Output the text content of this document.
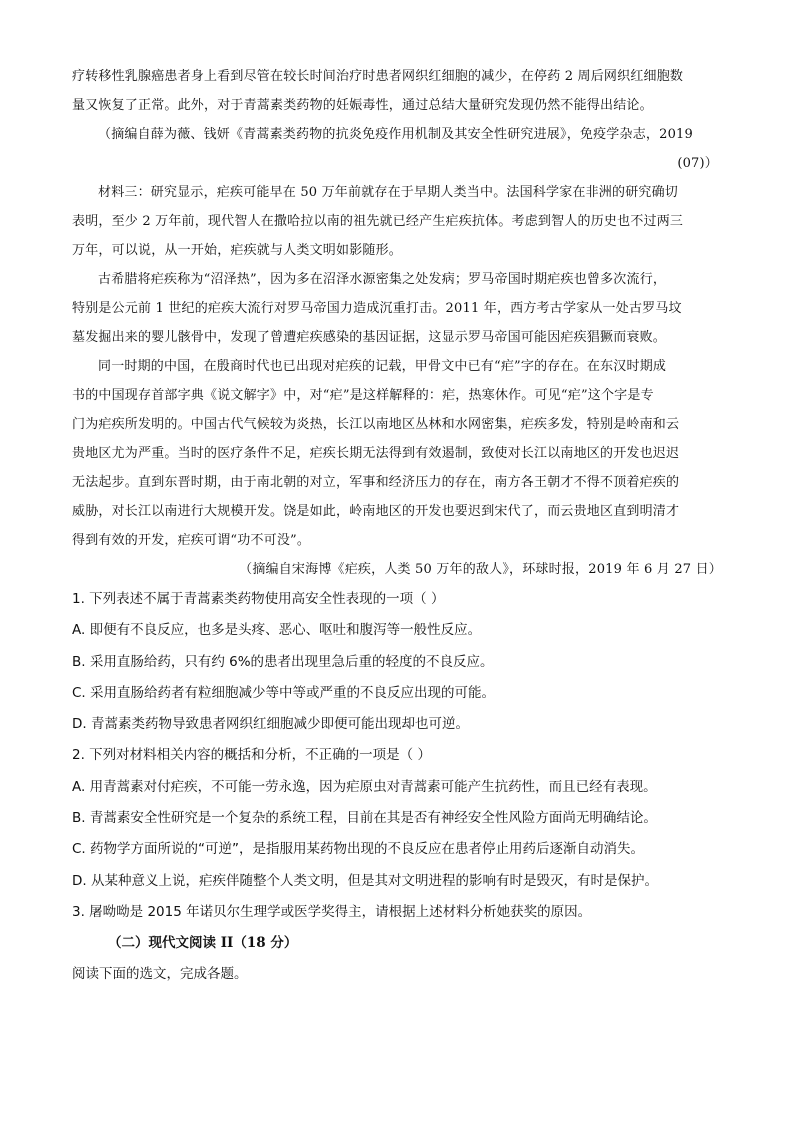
疗转移性乳腺癌患者身上看到尽管在较长时间治疗时患者网织红细胞的减少，在停药 2 周后网织红细胞数

量又恢复了正常。此外，对于青蒿素类药物的妊娠毒性，通过总结大量研究发现仍然不能得出结论。

（摘编自薛为薇、钱妍《青蒿素类药物的抗炎免疫作用机制及其安全性研究进展》，免疫学杂志，2019

(07)）

材料三：研究显示，疟疾可能早在 50 万年前就存在于早期人类当中。法国科学家在非洲的研究确切

表明，至少 2 万年前，现代智人在撒哈拉以南的祖先就已经产生疟疾抗体。考虑到智人的历史也不过两三

万年，可以说，从一开始，疟疾就与人类文明如影随形。

古希腊将疟疾称为“沼泽热”，因为多在沼泽水源密集之处发病；罗马帝国时期疟疾也曾多次流行，

特别是公元前 1 世纪的疟疾大流行对罗马帝国力造成沉重打击。2011 年，西方考古学家从一处古罗马坟

墓发掘出来的婴儿骸骨中，发现了曾遭疟疾感染的基因证据，这显示罗马帝国可能因疟疾猖獗而衰败。

同一时期的中国，在殷商时代也已出现对疟疾的记载，甲骨文中已有“疟”字的存在。在东汉时期成

书的中国现存首部字典《说文解字》中，对“疟”是这样解释的：疟，热寒休作。可见“疟”这个字是专

门为疟疾所发明的。中国古代气候较为炎热，长江以南地区丛林和水网密集，疟疾多发，特别是岭南和云

贵地区尤为严重。当时的医疗条件不足，疟疾长期无法得到有效遏制，致使对长江以南地区的开发也迟迟

无法起步。直到东晋时期，由于南北朝的对立，军事和经济压力的存在，南方各王朝才不得不顶着疟疾的

威胁，对长江以南进行大规模开发。饶是如此，岭南地区的开发也要迟到宋代了，而云贵地区直到明清才

得到有效的开发，疟疾可谓“功不可没”。

（摘编自宋海博《疟疾，人类 50 万年的敌人》，环球时报，2019 年 6 月 27 日）

1. 下列表述不属于青蒿素类药物使用高安全性表现的一项（ ）

A. 即便有不良反应，也多是头疼、恶心、呕吐和腹泻等一般性反应。

B. 采用直肠给药，只有约 6%的患者出现里急后重的轻度的不良反应。

C. 采用直肠给药者有粒细胞减少等中等或严重的不良反应出现的可能。

D. 青蒿素类药物导致患者网织红细胞减少即便可能出现却也可逆。

2. 下列对材料相关内容的概括和分析，不正确的一项是（ ）

A. 用青蒿素对付疟疾，不可能一劳永逸，因为疟原虫对青蒿素可能产生抗药性，而且已经有表现。

B. 青蒿素安全性研究是一个复杂的系统工程，目前在其是否有神经安全性风险方面尚无明确结论。

C. 药物学方面所说的“可逆”，是指服用某药物出现的不良反应在患者停止用药后逐渐自动消失。

D. 从某种意义上说，疟疾伴随整个人类文明，但是其对文明进程的影响有时是毁灭，有时是保护。

3. 屠呦呦是 2015 年诺贝尔生理学或医学奖得主，请根据上述材料分析她获奖的原因。

（二）现代文阅读 II（18 分）

阅读下面的选文，完成各题。
